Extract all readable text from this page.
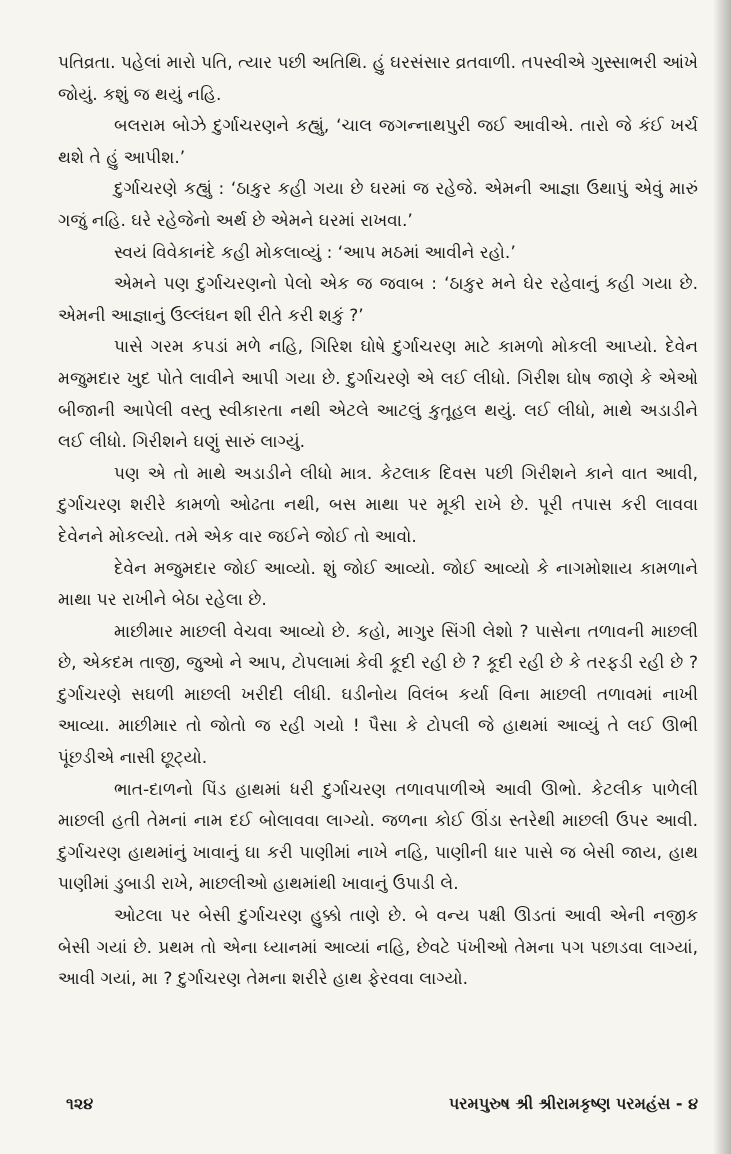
પતિવ્રતા. પહેલાં મારો પતિ, ત્યાર પછી અતિથિ. હું ઘરસંસાર વ્રતવાળી. તપસ્વીએ ગુસ્સાભરી આંખે જોયું. કશું જ થયું નહિ.

બલરામ બોઝે દુર્ગાચરણને કહ્યું, ‘ચાલ જગન્નાથપુરી જઈ આવીએ. તારો જે કંઈ ખર્ચ થશે તે હું આપીશ.’

દુર્ગાચરણે કહ્યું : ‘ઠાકુર કહી ગયા છે ઘરમાં જ રહેજે. એમની આજ્ઞા ઉથાપું એવું મારું ગજું નહિ. ઘરે રહેજેનો અર્થ છે એમને ઘરમાં રાખવા.’

સ્વયં વિવેકાનંદે કહી મોકલાવ્યું : ‘આપ મઠમાં આવીને રહો.’

એમને પણ દુર્ગાચરણનો પેલો એક જ જવાબ : ‘ઠાકુર મને ઘેર રહેવાનું કહી ગયા છે. એમની આજ્ઞાનું ઉલ્લંઘન શી રીતે કરી શકું ?’

પાસે ગરમ કપડાં મળે નહિ, ગિરિશ ઘોષે દુર્ગાચરણ માટે કામળો મોકલી આપ્યો. દેવેન મજુમદાર ખુદ પોતે લાવીને આપી ગયા છે. દુર્ગાચરણે એ લઈ લીધો. ગિરીશ ઘોષ જાણે કે એઓ બીજાની આપેલી વસ્તુ સ્વીકારતા નથી એટલે આટલું કુતૂહલ થયું. લઈ લીધો, માથે અડાડીને લઈ લીધો. ગિરીશને ઘણું સારું લાગ્યું.

પણ એ તો માથે અડાડીને લીધો માત્ર. કેટલાક દિવસ પછી ગિરીશને કાને વાત આવી, દુર્ગાચરણ શરીરે કામળો ઓઢતા નથી, બસ માથા પર મૂકી રાખે છે. પૂરી તપાસ કરી લાવવા દેવેનને મોકલ્યો. તમે એક વાર જઈને જોઈ તો આવો.

દેવેન મજુમદાર જોઈ આવ્યો. શું જોઈ આવ્યો. જોઈ આવ્યો કે નાગમોશાય કામળાને માથા પર રાખીને બેઠા રહેલા છે.

માછીમાર માછલી વેચવા આવ્યો છે. કહો, માગુર સિંગી લેશો ? પાસેના તળાવની માછલી છે, એકદમ તાજી, જુઓ ને આપ, ટોપલામાં કેવી કૂદી રહી છે ? કૂદી રહી છે કે તરફડી રહી છે ? દુર્ગાચરણે સઘળી માછલી ખરીદી લીધી. ઘડીનોય વિલંબ કર્યા વિના માછલી તળાવમાં નાખી આવ્યા. માછીમાર તો જોતો જ રહી ગયો ! પૈસા કે ટોપલી જે હાથમાં આવ્યું તે લઈ ઊભી પૂંછડીએ નાસી છૂટ્યો.

ભાત-દાળનો પિંડ હાથમાં ધરી દુર્ગાચરણ તળાવપાળીએ આવી ઊભો. કેટલીક પાળેલી માછલી હતી તેમનાં નામ દઈ બોલાવવા લાગ્યો. જળના કોઈ ઊંડા સ્તરેથી માછલી ઉપર આવી. દુર્ગાચરણ હાથમાંનું ખાવાનું ઘા કરી પાણીમાં નાખે નહિ, પાણીની ધાર પાસે જ બેસી જાય, હાથ પાણીમાં ડુબાડી રાખે, માછલીઓ હાથમાંથી ખાવાનું ઉપાડી લે.

ઓટલા પર બેસી દુર્ગાચરણ હુક્કો તાણે છે. બે વન્ય પક્ષી ઊડતાં આવી એની નજીક બેસી ગયાં છે. પ્રથમ તો એના ધ્યાનમાં આવ્યાં નહિ, છેવટે પંખીઓ તેમના પગ પછાડવા લાગ્યાં, આવી ગયાં, મા ? દુર્ગાચરણ તેમના શરીરે હાથ ફેરવવા લાગ્યો.

૧૨૪	પરમપુરુષ શ્રી શ્રીરામકૃષ્ણ પરમહંસ - ૪
